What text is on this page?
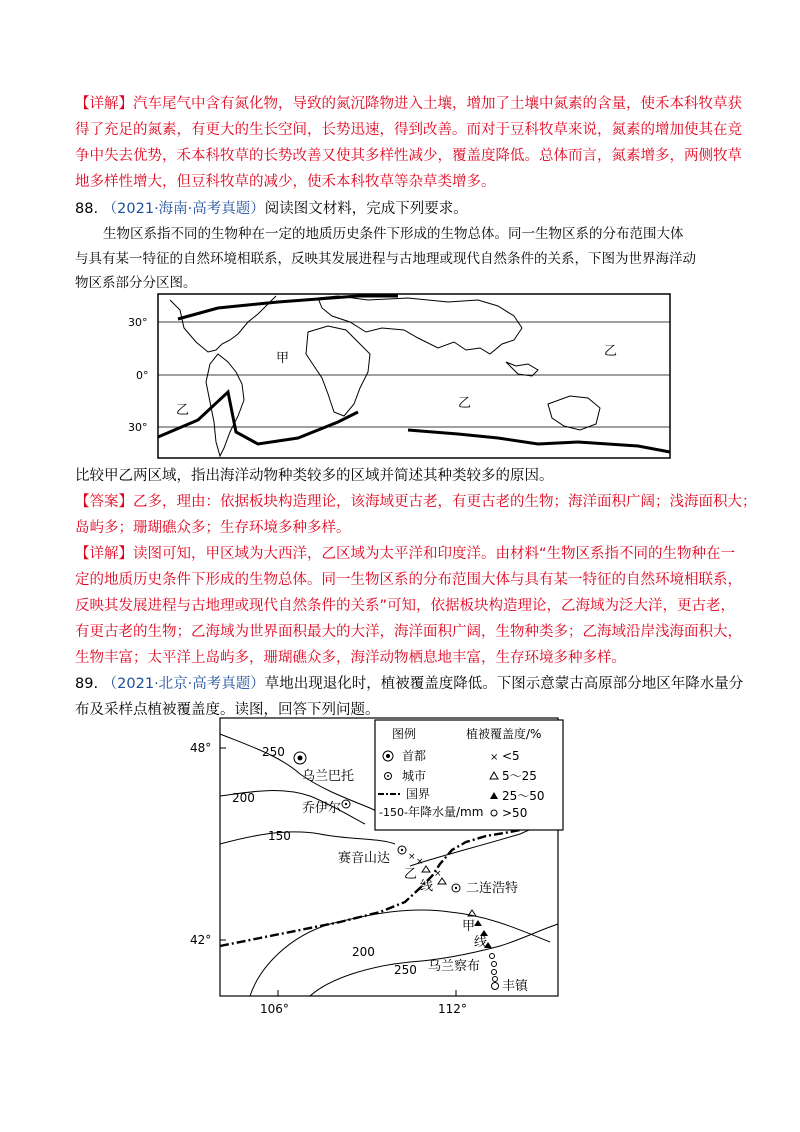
【详解】汽车尾气中含有氮化物，导致的氮沉降物进入土壤，增加了土壤中氮素的含量，使禾本科牧草获
得了充足的氮素，有更大的生长空间，长势迅速，得到改善。而对于豆科牧草来说，氮素的增加使其在竞
争中失去优势，禾本科牧草的长势改善又使其多样性减少，覆盖度降低。总体而言，氮素增多，两侧牧草
地多样性增大，但豆科牧草的减少，使禾本科牧草等杂草类增多。
88. （2021·海南·高考真题）阅读图文材料，完成下列要求。
生物区系指不同的生物种在一定的地质历史条件下形成的生物总体。同一生物区系的分布范围大体
与具有某一特征的自然环境相联系，反映其发展进程与古地理或现代自然条件的关系，下图为世界海洋动
物区系部分分区图。
30°
0°
30°
甲
乙	乙
乙
比较甲乙两区域，指出海洋动物种类较多的区域并简述其种类较多的原因。
【答案】乙多，理由：依据板块构造理论，该海域更古老，有更古老的生物；海洋面积广阔；浅海面积大；
岛屿多；珊瑚礁众多；生存环境多种多样。
【详解】读图可知，甲区域为大西洋，乙区域为太平洋和印度洋。由材料“生物区系指不同的生物种在一
定的地质历史条件下形成的生物总体。同一生物区系的分布范围大体与具有某一特征的自然环境相联系，
反映其发展进程与古地理或现代自然条件的关系”可知，依据板块构造理论，乙海域为泛大洋，更古老，
有更古老的生物；乙海域为世界面积最大的大洋，海洋面积广阔，生物种类多；乙海域沿岸浅海面积大，
生物丰富；太平洋上岛屿多，珊瑚礁众多，海洋动物栖息地丰富，生存环境多种多样。
89. （2021·北京·高考真题）草地出现退化时，植被覆盖度降低。下图示意蒙古高原部分地区年降水量分
布及采样点植被覆盖度。读图，回答下列问题。
48°
42°
106°	112°
250
200
150
200
250
图例	植被覆盖度/%
首都
城市
国界
-150- 年降水量/mm
× <5
5～25
25～50
>50
乌兰巴托
乔伊尔
赛音山达
二连浩特
乌兰察布
丰镇
× ×
×
乙
线
甲
线
